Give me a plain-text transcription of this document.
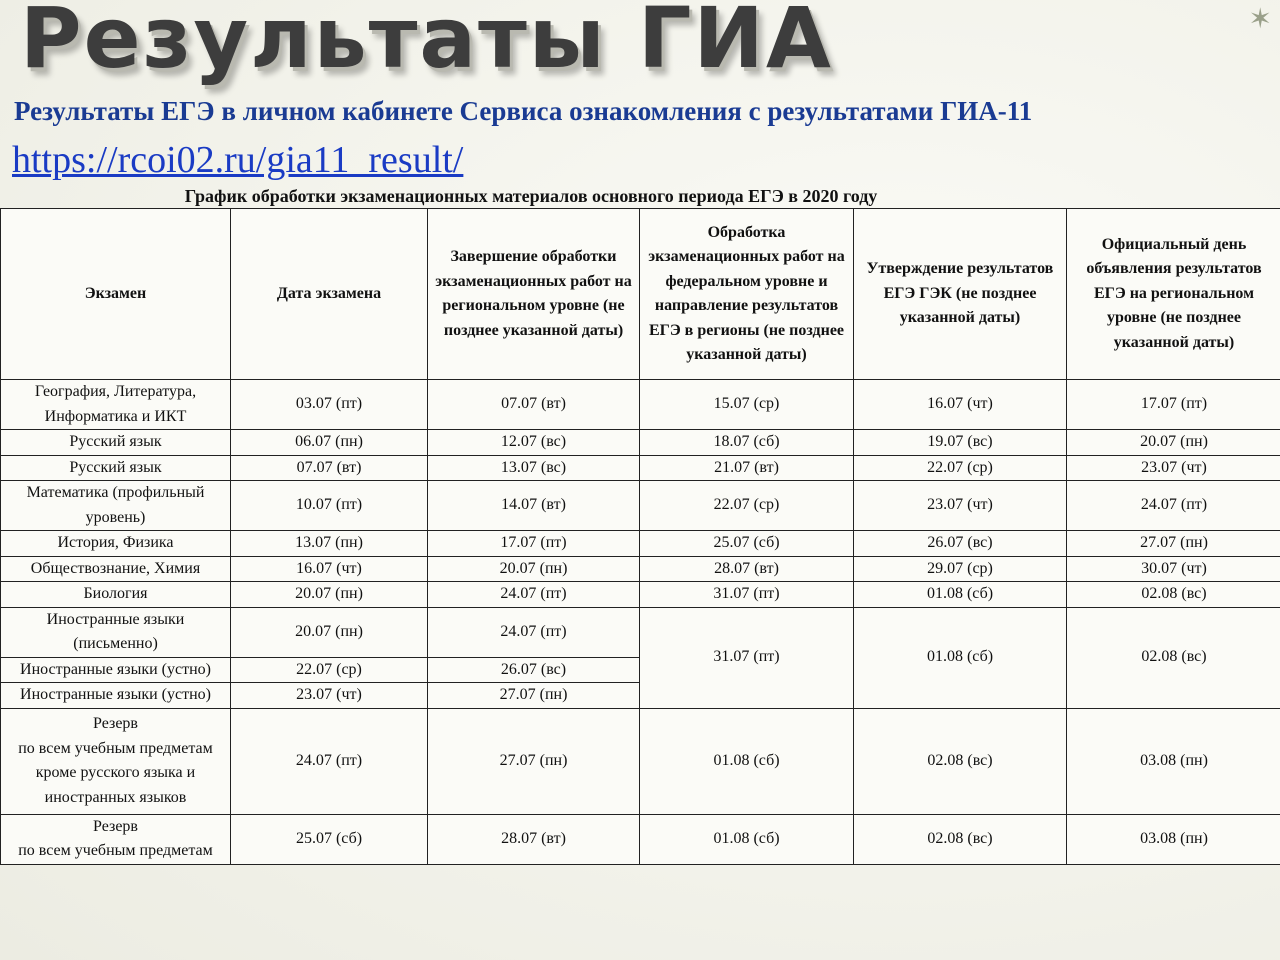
✶
Результаты ГИА
Результаты ЕГЭ в личном кабинете Сервиса ознакомления с результатами ГИА-11
https://rcoi02.ru/gia11_result/
График обработки экзаменационных материалов основного периода ЕГЭ в 2020 году
Экзамен	Дата экзамена	Завершение обработки экзаменационных работ на региональном уровне (не позднее указанной даты)	Обработка экзаменационных работ на федеральном уровне и направление результатов ЕГЭ в регионы (не позднее указанной даты)	Утверждение результатов ЕГЭ ГЭК (не позднее указанной даты)	Официальный день объявления результатов ЕГЭ на региональном уровне (не позднее указанной даты)
География, Литература, Информатика и ИКТ	03.07 (пт)	07.07 (вт)	15.07 (ср)	16.07 (чт)	17.07 (пт)
Русский язык	06.07 (пн)	12.07 (вс)	18.07 (сб)	19.07 (вс)	20.07 (пн)
Русский язык	07.07 (вт)	13.07 (вс)	21.07 (вт)	22.07 (ср)	23.07 (чт)
Математика (профильный уровень)	10.07 (пт)	14.07 (вт)	22.07 (ср)	23.07 (чт)	24.07 (пт)
История, Физика	13.07 (пн)	17.07 (пт)	25.07 (сб)	26.07 (вс)	27.07 (пн)
Обществознание, Химия	16.07 (чт)	20.07 (пн)	28.07 (вт)	29.07 (ср)	30.07 (чт)
Биология	20.07 (пн)	24.07 (пт)	31.07 (пт)	01.08 (сб)	02.08 (вс)
Иностранные языки (письменно)	20.07 (пн)	24.07 (пт)	31.07 (пт)	01.08 (сб)	02.08 (вс)
Иностранные языки (устно)	22.07 (ср)	26.07 (вс)			
Иностранные языки (устно)	23.07 (чт)	27.07 (пн)			
Резерв
по всем учебным предметам кроме русского языка и иностранных языков	24.07 (пт)	27.07 (пн)	01.08 (сб)	02.08 (вс)	03.08 (пн)
Резерв
по всем учебным предметам	25.07 (сб)	28.07 (вт)	01.08 (сб)	02.08 (вс)	03.08 (пн)
